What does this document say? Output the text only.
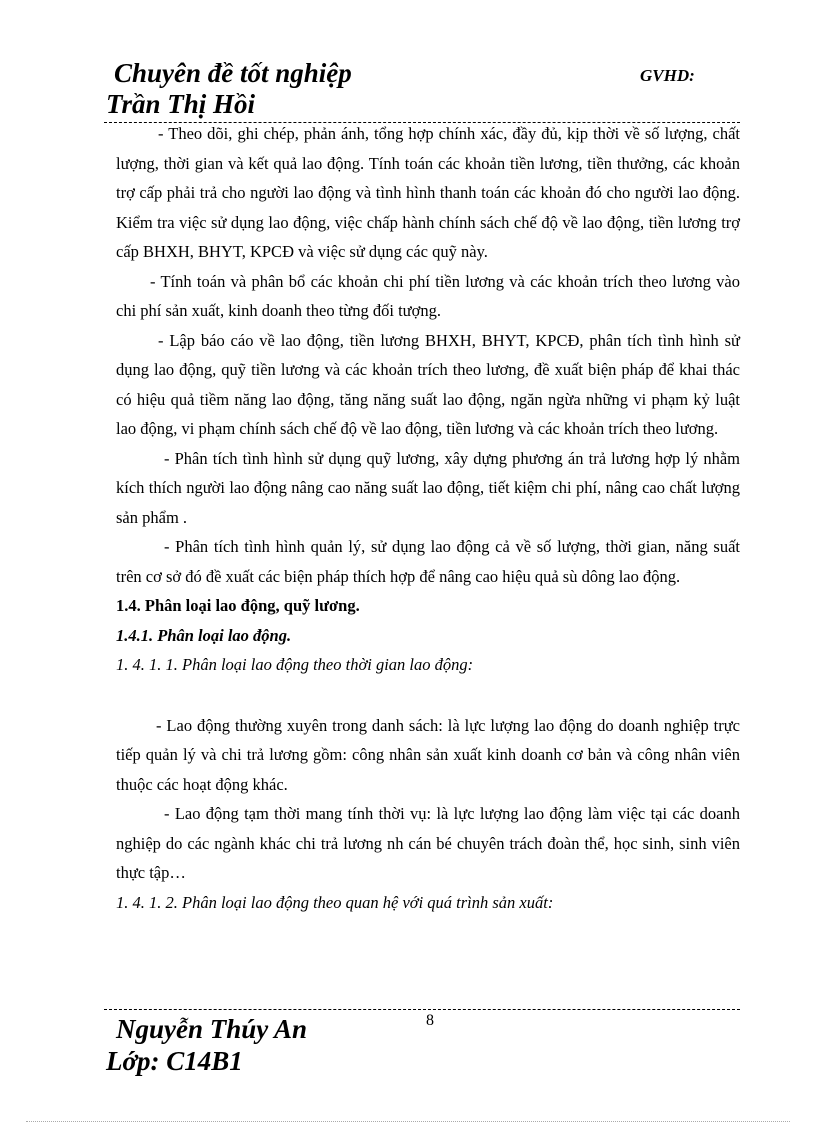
Chuyên đề tốt nghiệp	GVHD:
Trần Thị Hồi

- Theo dõi, ghi chép, phản ánh, tổng hợp chính xác, đầy đủ, kịp thời về số lượng, chất lượng, thời gian và kết quả lao động. Tính toán các khoản tiền lương, tiền thưởng, các khoản trợ cấp phải trả cho người lao động và tình hình thanh toán các khoản đó cho người lao động. Kiểm tra việc sử dụng lao động, việc chấp hành chính sách chế độ về lao động, tiền lương trợ cấp BHXH, BHYT, KPCĐ và việc sử dụng các quỹ này.

- Tính toán và phân bổ các khoản chi phí tiền lương và các khoản trích theo lương vào chi phí sản xuất, kinh doanh theo từng đối tượng.

- Lập báo cáo về lao động, tiền lương BHXH, BHYT, KPCĐ, phân tích tình hình sử dụng lao động, quỹ tiền lương và các khoản trích theo lương, đề xuất biện pháp để khai thác có hiệu quả tiềm năng lao động, tăng năng suất lao động, ngăn ngừa những vi phạm kỷ luật lao động, vi phạm chính sách chế độ về lao động, tiền lương và các khoản trích theo lương.

- Phân tích tình hình sử dụng quỹ lương, xây dựng phương án trả lương hợp lý nhằm kích thích người lao động nâng cao năng suất lao động, tiết kiệm chi phí, nâng cao chất lượng sản phẩm .

- Phân tích tình hình quản lý, sử dụng lao động cả về số lượng, thời gian, năng suất trên cơ sở đó đề xuất các biện pháp thích hợp để nâng cao hiệu quả sù dông lao động.

1.4. Phân loại lao động, quỹ lương.

1.4.1. Phân loại lao động.

1. 4. 1. 1. Phân loại lao động theo thời gian lao động:

- Lao động thường xuyên trong danh sách: là lực lượng lao động do doanh nghiệp trực tiếp quản lý và chi trả lương gồm: công nhân sản xuất kinh doanh cơ bản và công nhân viên thuộc các hoạt động khác.

- Lao động tạm thời mang tính thời vụ: là lực lượng lao động làm việc tại các doanh nghiệp do các ngành khác chi trả lương nh cán bé chuyên trách đoàn thể, học sinh, sinh viên thực tập…

1. 4. 1. 2. Phân loại lao động theo quan hệ với quá trình sản xuất:

8
Nguyễn Thúy An
Lớp: C14B1
